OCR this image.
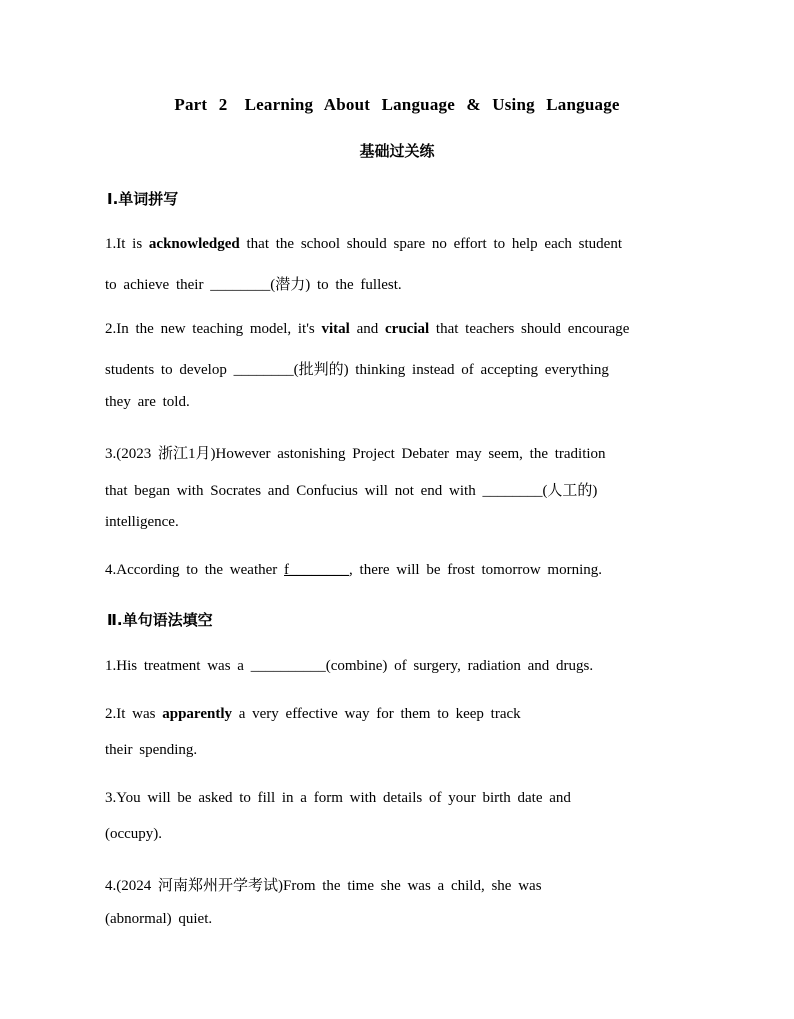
Part 2　Learning About Language & Using Language
基础过关练
Ⅰ.单词拼写
1.It is acknowledged that the school should spare no effort to help each student
to achieve their ________(潜力) to the fullest.
2.In the new teaching model, it's vital and crucial that teachers should encourage
students to develop ________(批判的) thinking instead of accepting everything
they are told.
3.(2023 浙江1月)However astonishing Project Debater may seem, the tradition
that began with Socrates and Confucius will not end with ________(人工的)
intelligence.
4.According to the weather f________, there will be frost tomorrow morning.
Ⅱ.单句语法填空
1.His treatment was a __________(combine) of surgery, radiation and drugs.
2.It was apparently a very effective way for them to keep track
their spending.
3.You will be asked to fill in a form with details of your birth date and
(occupy).
4.(2024 河南郑州开学考试)From the time she was a child, she was
(abnormal) quiet.
